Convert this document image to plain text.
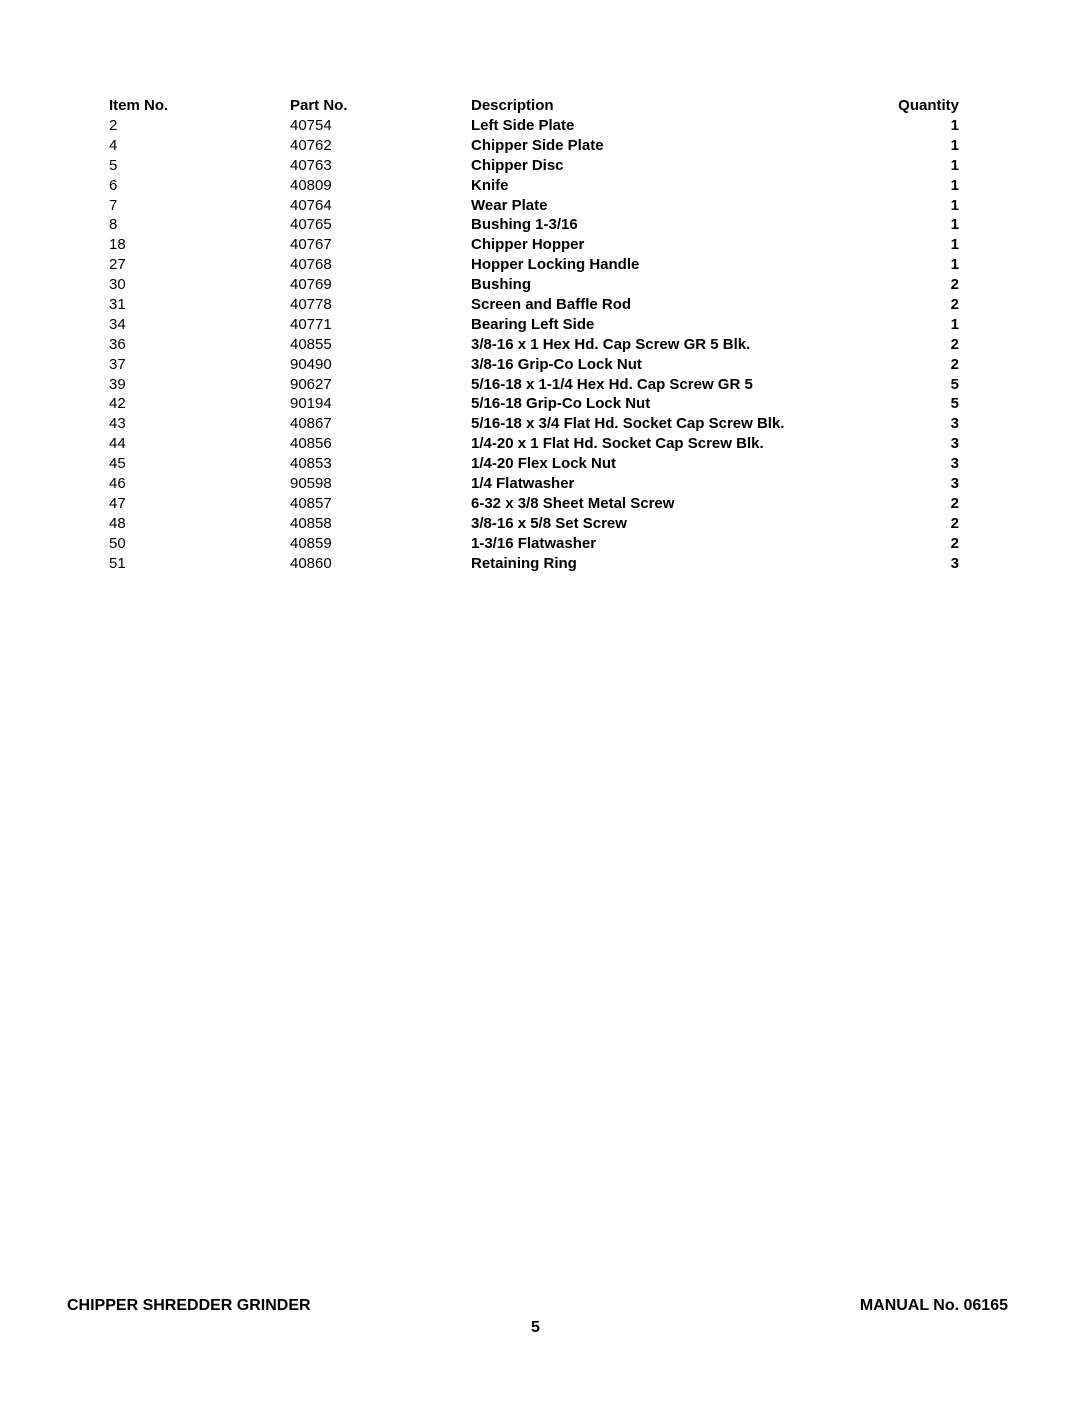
Item No.	Part No.	Description	Quantity
2	40754	Left Side Plate	1
4	40762	Chipper Side Plate	1
5	40763	Chipper Disc	1
6	40809	Knife	1
7	40764	Wear Plate	1
8	40765	Bushing 1-3/16	1
18	40767	Chipper Hopper	1
27	40768	Hopper Locking Handle	1
30	40769	Bushing	2
31	40778	Screen and Baffle Rod	2
34	40771	Bearing Left Side	1
36	40855	3/8-16 x 1 Hex Hd. Cap Screw GR 5 Blk.	2
37	90490	3/8-16 Grip-Co Lock Nut	2
39	90627	5/16-18 x 1-1/4 Hex Hd. Cap Screw GR 5	5
42	90194	5/16-18 Grip-Co Lock Nut	5
43	40867	5/16-18 x 3/4 Flat Hd. Socket Cap Screw Blk.	3
44	40856	1/4-20 x 1 Flat Hd. Socket Cap Screw Blk.	3
45	40853	1/4-20 Flex Lock Nut	3
46	90598	1/4 Flatwasher	3
47	40857	6-32 x 3/8 Sheet Metal Screw	2
48	40858	3/8-16 x 5/8 Set Screw	2
50	40859	1-3/16 Flatwasher	2
51	40860	Retaining Ring	3
CHIPPER SHREDDER GRINDER	MANUAL No. 06165
5
